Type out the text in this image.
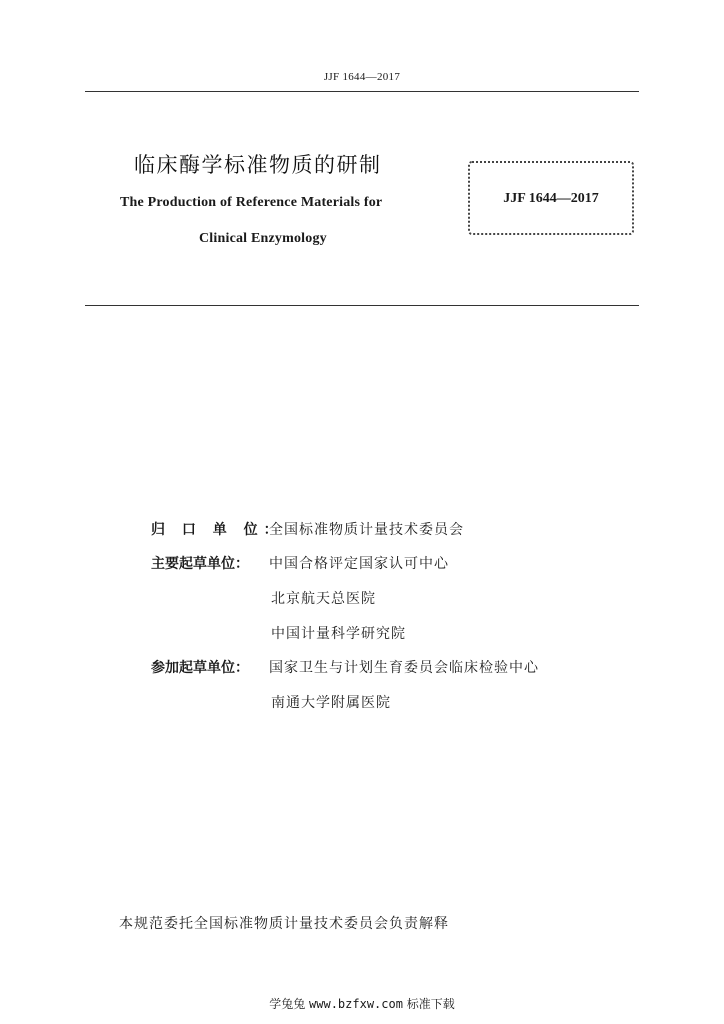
JJF 1644—2017
临床酶学标准物质的研制
The Production of Reference Materials for
Clinical Enzymology
JJF 1644—2017
归 口 单 位：全国标准物质计量技术委员会
主要起草单位： 中国合格评定国家认可中心
北京航天总医院
中国计量科学研究院
参加起草单位： 国家卫生与计划生育委员会临床检验中心
南通大学附属医院
本规范委托全国标准物质计量技术委员会负责解释
学兔兔 www.bzfxw.com 标准下载
